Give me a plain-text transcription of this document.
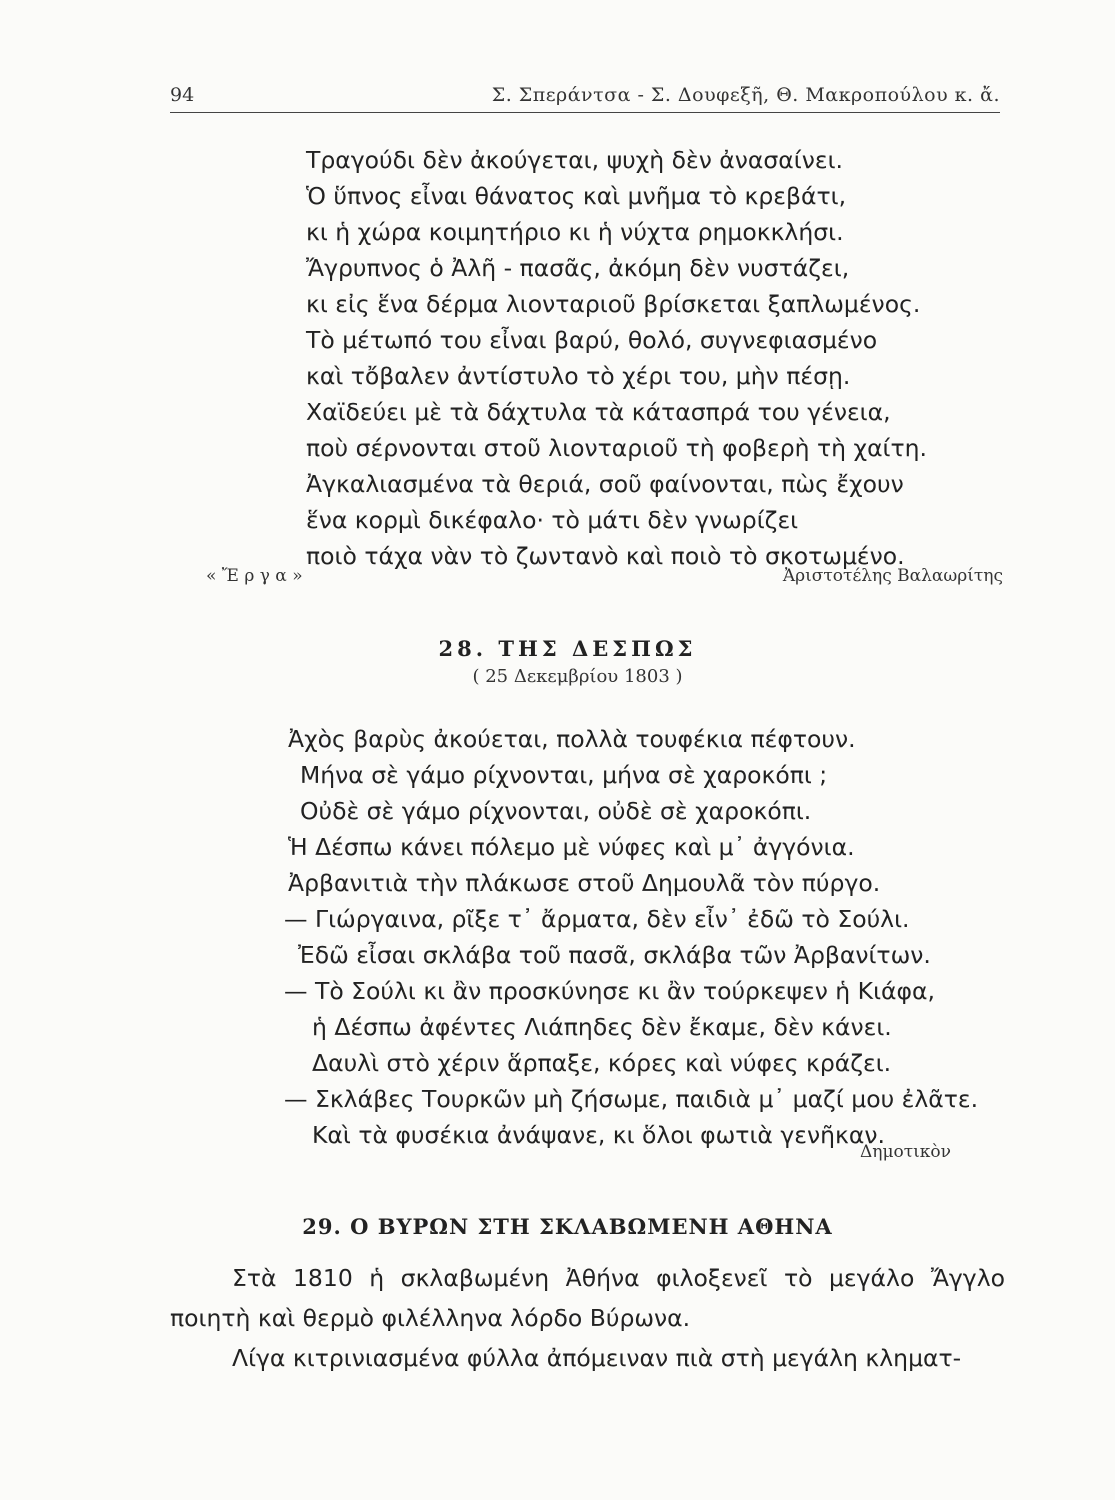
94	Σ. Σπεράντσα - Σ. Δουφεξῆ, Θ. Μακροπούλου κ. ἄ.
Τραγούδι δὲν ἀκούγεται, ψυχὴ δὲν ἀνασαίνει.
Ὁ ὕπνος εἶναι θάνατος καὶ μνῆμα τὸ κρεβάτι,
κι ἡ χώρα κοιμητήριο κι ἡ νύχτα ρημοκκλήσι.
Ἄγρυπνος ὁ Ἀλῆ - πασᾶς, ἀκόμη δὲν νυστάζει,
κι εἰς ἕνα δέρμα λιονταριοῦ βρίσκεται ξαπλωμένος.
Τὸ μέτωπό του εἶναι βαρύ, θολό, συγνεφιασμένο
καὶ τὄβαλεν ἀντίστυλο τὸ χέρι του, μὴν πέσῃ.
Χαϊδεύει μὲ τὰ δάχτυλα τὰ κάτασπρά του γένεια,
ποὺ σέρνονται στοῦ λιονταριοῦ τὴ φοβερὴ τὴ χαίτη.
Ἀγκαλιασμένα τὰ θεριά, σοῦ φαίνονται, πὼς ἔχουν
ἕνα κορμὶ δικέφαλο· τὸ μάτι δὲν γνωρίζει
ποιὸ τάχα νὰν τὸ ζωντανὸ καὶ ποιὸ τὸ σκοτωμένο.
« Ἔ ρ γ α »	Ἀριστοτέλης Βαλαωρίτης
28. ΤΗΣ ΔΕΣΠΩΣ
( 25 Δεκεμβρίου 1803 )
Ἀχὸς βαρὺς ἀκούεται, πολλὰ τουφέκια πέφτουν.
Μήνα σὲ γάμο ρίχνονται, μήνα σὲ χαροκόπι ;
Οὐδὲ σὲ γάμο ρίχνονται, οὐδὲ σὲ χαροκόπι.
Ἡ Δέσπω κάνει πόλεμο μὲ νύφες καὶ μ᾽ ἀγγόνια.
Ἀρβανιτιὰ τὴν πλάκωσε στοῦ Δημουλᾶ τὸν πύργο.
— Γιώργαινα, ρῖξε τ᾽ ἄρματα, δὲν εἶν᾽ ἐδῶ τὸ Σούλι.
Ἐδῶ εἶσαι σκλάβα τοῦ πασᾶ, σκλάβα τῶν Ἀρβανίτων.
— Τὸ Σούλι κι ἂν προσκύνησε κι ἂν τούρκεψεν ἡ Κιάφα,
ἡ Δέσπω ἀφέντες Λιάπηδες δὲν ἔκαμε, δὲν κάνει.
Δαυλὶ στὸ χέριν ἅρπαξε, κόρες καὶ νύφες κράζει.
— Σκλάβες Τουρκῶν μὴ ζήσωμε, παιδιὰ μ᾽ μαζί μου ἐλᾶτε.
Καὶ τὰ φυσέκια ἀνάψανε, κι ὅλοι φωτιὰ γενῆκαν.
Δημοτικὸν
29. Ο ΒΥΡΩΝ ΣΤΗ ΣΚΛΑΒΩΜΕΝΗ ΑΘΗΝΑ

Στὰ 1810 ἡ σκλαβωμένη Ἀθήνα φιλοξενεῖ τὸ μεγάλο Ἄγγλο ποιητὴ καὶ θερμὸ φιλέλληνα λόρδο Βύρωνα.

Λίγα κιτρινιασμένα φύλλα ἀπόμειναν πιὰ στὴ μεγάλη κληματ-
